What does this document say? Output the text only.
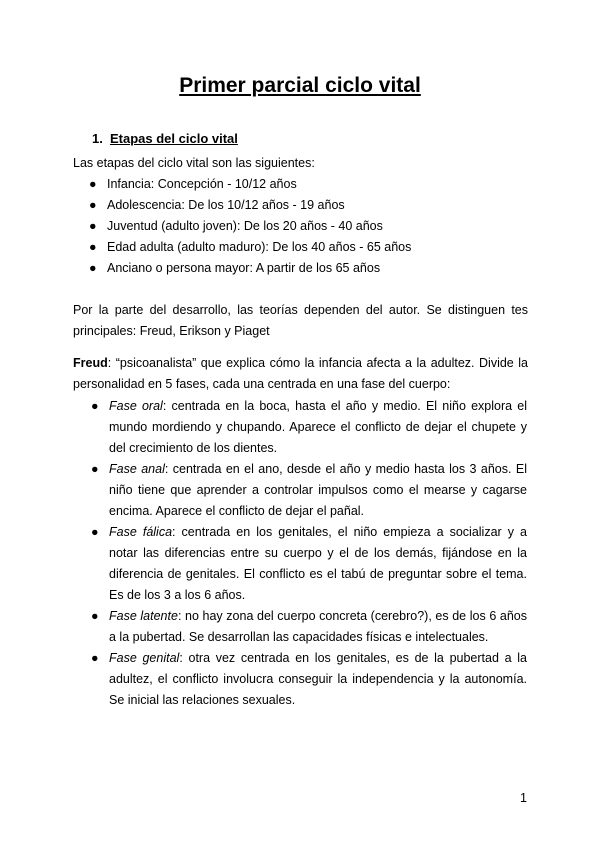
Primer parcial ciclo vital
1. Etapas del ciclo vital
Las etapas del ciclo vital son las siguientes:
● Infancia: Concepción - 10/12 años
● Adolescencia: De los 10/12 años - 19 años
● Juventud (adulto joven): De los 20 años - 40 años
● Edad adulta (adulto maduro): De los 40 años - 65 años
● Anciano o persona mayor: A partir de los 65 años
Por la parte del desarrollo, las teorías dependen del autor. Se distinguen tes principales: Freud, Erikson y Piaget
Freud: “psicoanalista” que explica cómo la infancia afecta a la adultez. Divide la personalidad en 5 fases, cada una centrada en una fase del cuerpo:
● Fase oral: centrada en la boca, hasta el año y medio. El niño explora el mundo mordiendo y chupando. Aparece el conflicto de dejar el chupete y del crecimiento de los dientes.
● Fase anal: centrada en el ano, desde el año y medio hasta los 3 años. El niño tiene que aprender a controlar impulsos como el mearse y cagarse encima. Aparece el conflicto de dejar el pañal.
● Fase fálica: centrada en los genitales, el niño empieza a socializar y a notar las diferencias entre su cuerpo y el de los demás, fijándose en la diferencia de genitales. El conflicto es el tabú de preguntar sobre el tema. Es de los 3 a los 6 años.
● Fase latente: no hay zona del cuerpo concreta (cerebro?), es de los 6 años a la pubertad. Se desarrollan las capacidades físicas e intelectuales.
● Fase genital: otra vez centrada en los genitales, es de la pubertad a la adultez, el conflicto involucra conseguir la independencia y la autonomía. Se inicial las relaciones sexuales.
1
